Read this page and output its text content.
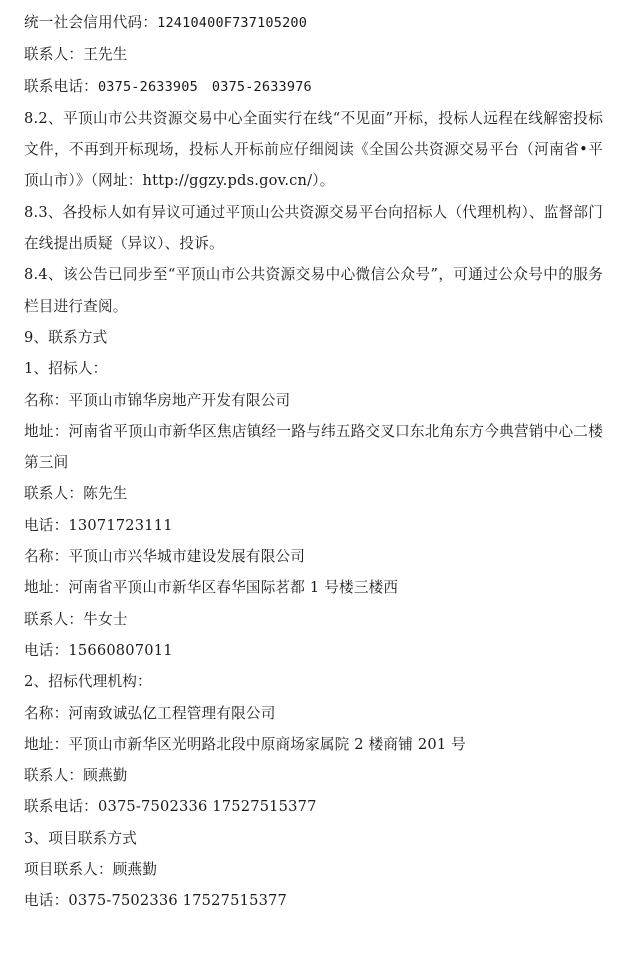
统一社会信用代码：12410400F737105200
联系人：王先生
联系电话：0375-2633905 0375-2633976
8.2、平顶山市公共资源交易中心全面实行在线“不见面”开标，投标人远程在线解密投标文件，不再到开标现场，投标人开标前应仔细阅读《全国公共资源交易平台（河南省•平顶山市）》（网址：http://ggzy.pds.gov.cn/）。
8.3、各投标人如有异议可通过平顶山公共资源交易平台向招标人（代理机构）、监督部门在线提出质疑（异议）、投诉。
8.4、该公告已同步至“平顶山市公共资源交易中心微信公众号”，可通过公众号中的服务栏目进行查阅。
9、联系方式
1、招标人：
名称：平顶山市锦华房地产开发有限公司
地址：河南省平顶山市新华区焦店镇经一路与纬五路交叉口东北角东方今典营销中心二楼第三间
联系人：陈先生
电话：13071723111
名称：平顶山市兴华城市建设发展有限公司
地址：河南省平顶山市新华区春华国际茗都 1 号楼三楼西
联系人：牛女士
电话：15660807011
2、招标代理机构：
名称：河南致诚弘亿工程管理有限公司
地址：平顶山市新华区光明路北段中原商场家属院 2 楼商铺 201 号
联系人：顾燕勤
联系电话：0375-7502336 17527515377
3、项目联系方式
项目联系人：顾燕勤
电话：0375-7502336 17527515377
